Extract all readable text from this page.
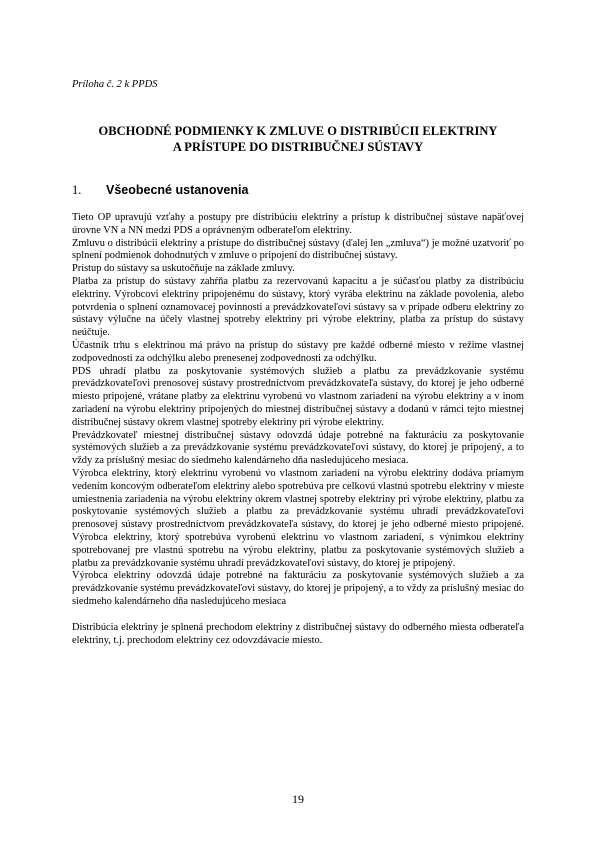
Príloha č. 2 k PPDS
OBCHODNÉ PODMIENKY K ZMLUVE O DISTRIBÚCII ELEKTRINY
A PRÍSTUPE DO DISTRIBUČNEJ SÚSTAVY
1. Všeobecné ustanovenia

Tieto OP upravujú vzťahy a postupy pre distribúciu elektriny a prístup k distribučnej sústave napäťovej úrovne VN a NN medzi PDS a oprávneným odberateľom elektriny.

Zmluvu o distribúcii elektriny a prístupe do distribučnej sústavy (ďalej len „zmluva“) je možné uzatvoriť po splnení podmienok dohodnutých v zmluve o pripojení do distribučnej sústavy.

Prístup do sústavy sa uskutočňuje na základe zmluvy.

Platba za prístup do sústavy zahŕňa platbu za rezervovanú kapacitu a je súčasťou platby za distribúciu elektriny. Výrobcovi elektriny pripojenému do sústavy, ktorý vyrába elektrinu na základe povolenia, alebo potvrdenia o splnení oznamovacej povinnosti a prevádzkovateľovi sústavy sa v prípade odberu elektriny zo sústavy výlučne na účely vlastnej spotreby elektriny pri výrobe elektriny, platba za prístup do sústavy neúčtuje.

Účastník trhu s elektrinou má právo na prístup do sústavy pre každé odberné miesto v režime vlastnej zodpovednosti za odchýlku alebo prenesenej zodpovednosti za odchýlku.

PDS uhradí platbu za poskytovanie systémových služieb a platbu za prevádzkovanie systému prevádzkovateľovi prenosovej sústavy prostredníctvom prevádzkovateľa sústavy, do ktorej je jeho odberné miesto pripojené, vrátane platby za elektrinu vyrobenú vo vlastnom zariadení na výrobu elektriny a v inom zariadení na výrobu elektriny pripojených do miestnej distribučnej sústavy a dodanú v rámci tejto miestnej distribučnej sústavy okrem vlastnej spotreby elektriny pri výrobe elektriny.

Prevádzkovateľ miestnej distribučnej sústavy odovzdá údaje potrebné na fakturáciu za poskytovanie systémových služieb a za prevádzkovanie systému prevádzkovateľovi sústavy, do ktorej je pripojený, a to vždy za príslušný mesiac do siedmeho kalendárneho dňa nasledujúceho mesiaca.

Výrobca elektriny, ktorý elektrinu vyrobenú vo vlastnom zariadení na výrobu elektriny dodáva priamym vedením koncovým odberateľom elektriny alebo spotrebúva pre celkovú vlastnú spotrebu elektriny v mieste umiestnenia zariadenia na výrobu elektriny okrem vlastnej spotreby elektriny pri výrobe elektriny, platbu za poskytovanie systémových služieb a platbu za prevádzkovanie systému uhradí prevádzkovateľovi prenosovej sústavy prostredníctvom prevádzkovateľa sústavy, do ktorej je jeho odberné miesto pripojené. Výrobca elektriny, ktorý spotrebúva vyrobenú elektrinu vo vlastnom zariadení, s výnimkou elektriny spotrebovanej pre vlastnú spotrebu na výrobu elektriny, platbu za poskytovanie systémových služieb a platbu za prevádzkovanie systému uhradí prevádzkovateľovi sústavy, do ktorej je pripojený.

Výrobca elektriny odovzdá údaje potrebné na fakturáciu za poskytovanie systémových služieb a za prevádzkovanie systému prevádzkovateľovi sústavy, do ktorej je pripojený, a to vždy za príslušný mesiac do siedmeho kalendárneho dňa nasledujúceho mesiaca

Distribúcia elektriny je splnená prechodom elektriny z distribučnej sústavy do odberného miesta odberateľa elektriny, t.j. prechodom elektriny cez odovzdávacie miesto.

19
